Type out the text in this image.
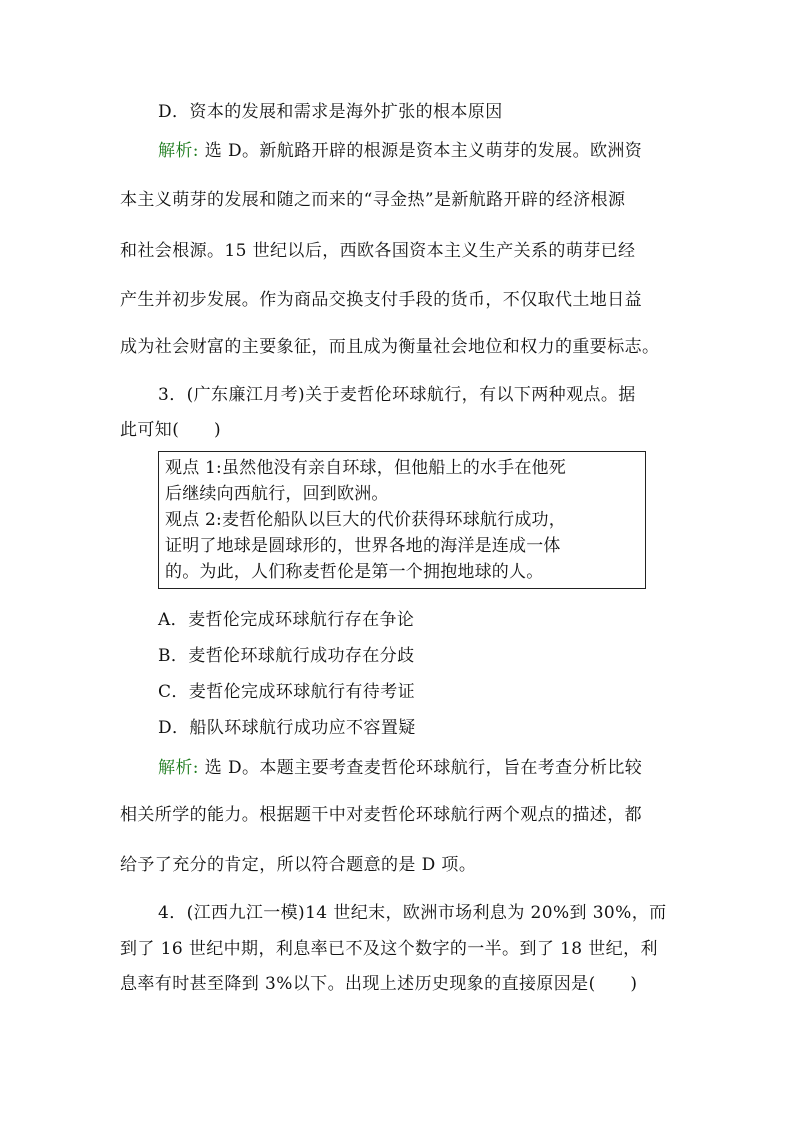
D．资本的发展和需求是海外扩张的根本原因
解析: 选 D。新航路开辟的根源是资本主义萌芽的发展。欧洲资
本主义萌芽的发展和随之而来的“寻金热”是新航路开辟的经济根源
和社会根源。15 世纪以后，西欧各国资本主义生产关系的萌芽已经
产生并初步发展。作为商品交换支付手段的货币，不仅取代土地日益
成为社会财富的主要象征，而且成为衡量社会地位和权力的重要标志。
3．(广东廉江月考)关于麦哲伦环球航行，有以下两种观点。据
此可知(　　)
观点 1:虽然他没有亲自环球，但他船上的水手在他死
后继续向西航行，回到欧洲。
观点 2:麦哲伦船队以巨大的代价获得环球航行成功，
证明了地球是圆球形的，世界各地的海洋是连成一体
的。为此，人们称麦哲伦是第一个拥抱地球的人。
A．麦哲伦完成环球航行存在争论
B．麦哲伦环球航行成功存在分歧
C．麦哲伦完成环球航行有待考证
D．船队环球航行成功应不容置疑
解析: 选 D。本题主要考查麦哲伦环球航行，旨在考查分析比较
相关所学的能力。根据题干中对麦哲伦环球航行两个观点的描述，都
给予了充分的肯定，所以符合题意的是 D 项。
4．(江西九江一模)14 世纪末，欧洲市场利息为 20%到 30%，而
到了 16 世纪中期，利息率已不及这个数字的一半。到了 18 世纪，利
息率有时甚至降到 3%以下。出现上述历史现象的直接原因是(　　)
